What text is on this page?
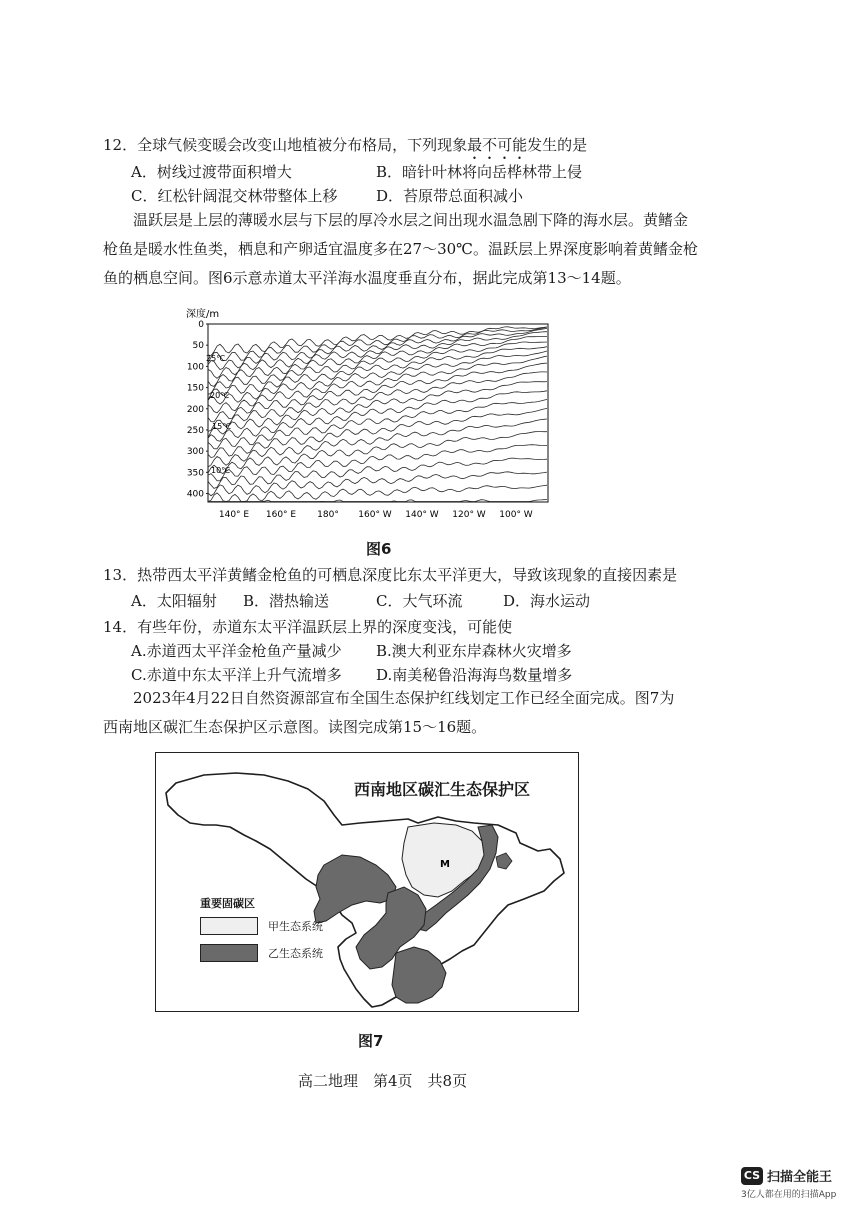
12．全球气候变暖会改变山地植被分布格局，下列现象最不可能发生的是
A．树线过渡带面积增大	B．暗针叶林将向岳桦林带上侵
C．红松针阔混交林带整体上移	D．苔原带总面积减小
温跃层是上层的薄暖水层与下层的厚冷水层之间出现水温急剧下降的海水层。黄鳍金
枪鱼是暖水性鱼类，栖息和产卵适宜温度多在27～30℃。温跃层上界深度影响着黄鳍金枪
鱼的栖息空间。图6示意赤道太平洋海水温度垂直分布，据此完成第13～14题。
深度/m
0
50
100
150
200
250
300
350
400
140° E 160° E 180° 160° W 140° W 120° W 100° W
25℃
20℃
15℃
10℃
图6
13．热带西太平洋黄鳍金枪鱼的可栖息深度比东太平洋更大，导致该现象的直接因素是
A．太阳辐射 B．潜热输送	C．大气环流	D．海水运动
14．有些年份，赤道东太平洋温跃层上界的深度变浅，可能使
A.赤道西太平洋金枪鱼产量减少 B.澳大利亚东岸森林火灾增多
C.赤道中东太平洋上升气流增多 D.南美秘鲁沿海海鸟数量增多
2023年4月22日自然资源部宣布全国生态保护红线划定工作已经全面完成。图7为
西南地区碳汇生态保护区示意图。读图完成第15～16题。
M
N
西南地区碳汇生态保护区
重要固碳区
甲生态系统
乙生态系统
图7
高二地理　第4页　共8页
CS 扫描全能王
3亿人都在用的扫描App
